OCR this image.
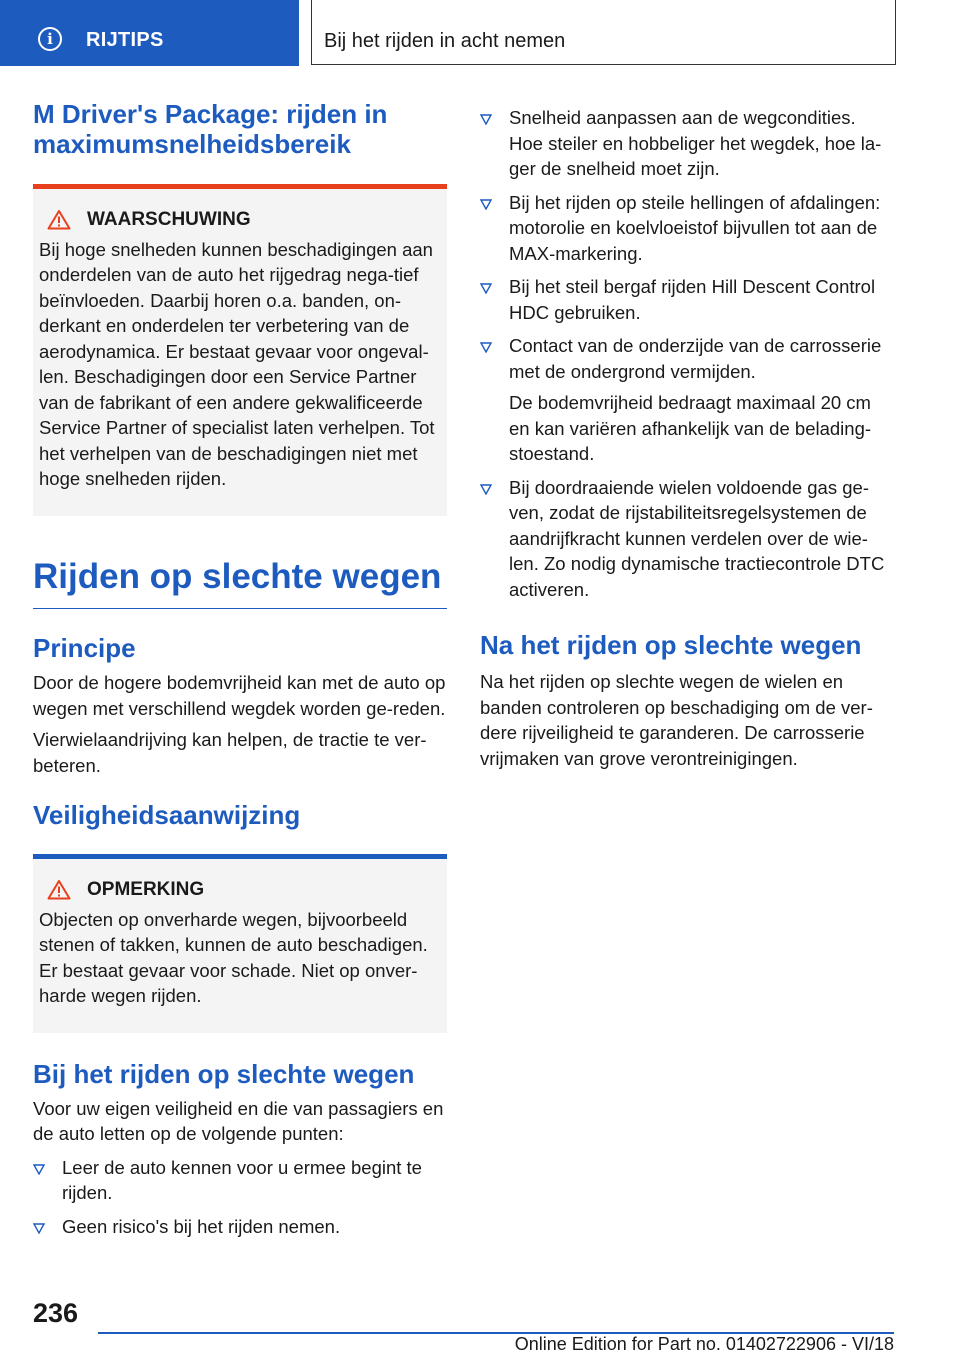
i	RIJTIPS	Bij het rijden in acht nemen
M Driver's Package: rijden in maximumsnelheidsbereik
WAARSCHUWING

Bij hoge snelheden kunnen beschadigingen aan onderdelen van de auto het rijgedrag nega‐tief beïnvloeden. Daarbij horen o.a. banden, on‐derkant en onderdelen ter verbetering van de aerodynamica. Er bestaat gevaar voor ongeval‐len. Beschadigingen door een Service Partner van de fabrikant of een andere gekwalificeerde Service Partner of specialist laten verhelpen. Tot het verhelpen van de beschadigingen niet met hoge snelheden rijden.

Rijden op slechte wegen
Principe

Door de hogere bodemvrijheid kan met de auto op wegen met verschillend wegdek worden ge‐reden.

Vierwielaandrijving kan helpen, de tractie te ver‐beteren.

Veiligheidsaanwijzing
OPMERKING

Objecten op onverharde wegen, bijvoorbeeld stenen of takken, kunnen de auto beschadigen. Er bestaat gevaar voor schade. Niet op onver‐harde wegen rijden.

Bij het rijden op slechte wegen

Voor uw eigen veiligheid en die van passagiers en de auto letten op de volgende punten:

Leer de auto kennen voor u ermee begint te rijden.
Geen risico's bij het rijden nemen.
Snelheid aanpassen aan de wegcondities. Hoe steiler en hobbeliger het wegdek, hoe la‐ger de snelheid moet zijn.
Bij het rijden op steile hellingen of afdalingen: motorolie en koelvloeistof bijvullen tot aan de MAX-markering.
Bij het steil bergaf rijden Hill Descent Control HDC gebruiken.
Contact van de onderzijde van de carrosserie met de ondergrond vermijden.

De bodemvrijheid bedraagt maximaal 20 cm en kan variëren afhankelijk van de belading‐stoestand.

Bij doordraaiende wielen voldoende gas ge‐ven, zodat de rijstabiliteitsregelsystemen de aandrijfkracht kunnen verdelen over de wie‐len. Zo nodig dynamische tractiecontrole DTC activeren.
Na het rijden op slechte wegen

Na het rijden op slechte wegen de wielen en banden controleren op beschadiging om de ver‐dere rijveiligheid te garanderen. De carrosserie vrijmaken van grove verontreinigingen.

236
Online Edition for Part no. 01402722906 - VI/18
